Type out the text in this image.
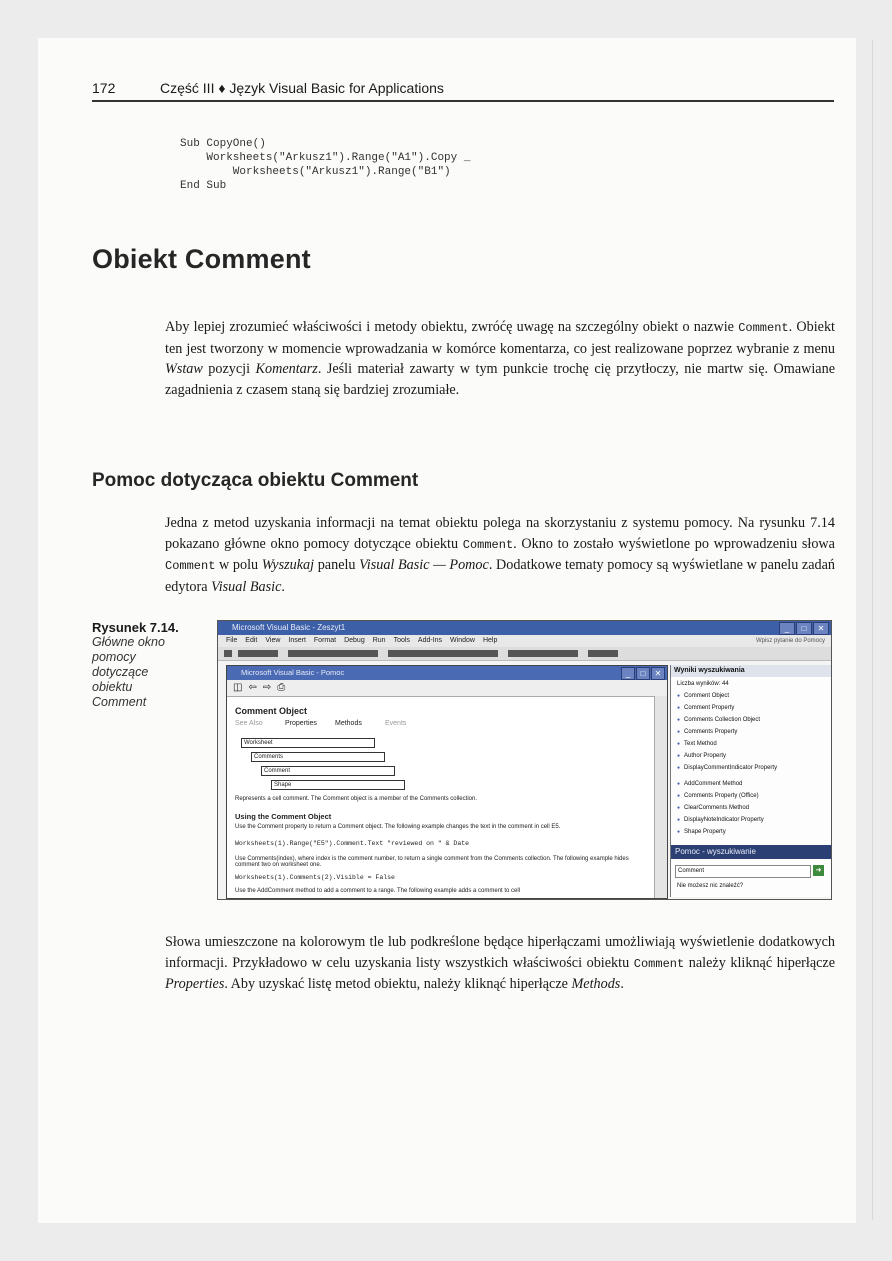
172	Część III ♦ Język Visual Basic for Applications
Sub CopyOne()
Worksheets("Arkusz1").Range("A1").Copy _
Worksheets("Arkusz1").Range("B1")
End Sub
Obiekt Comment
Aby lepiej zrozumieć właściwości i metody obiektu, zwróćę uwagę na szczególny obiekt o nazwie Comment. Obiekt ten jest tworzony w momencie wprowadzania w komórce komentarza, co jest realizowane poprzez wybranie z menu Wstaw pozycji Komentarz. Jeśli materiał zawarty w tym punkcie trochę cię przytłoczy, nie martw się. Omawiane zagadnienia z czasem staną się bardziej zrozumiałe.
Pomoc dotycząca obiektu Comment
Jedna z metod uzyskania informacji na temat obiektu polega na skorzystaniu z systemu pomocy. Na rysunku 7.14 pokazano główne okno pomocy dotyczące obiektu Comment. Okno to zostało wyświetlone po wprowadzeniu słowa Comment w polu Wyszukaj panelu Visual Basic — Pomoc. Dodatkowe tematy pomocy są wyświetlane w panelu zadań edytora Visual Basic.
Rysunek 7.14.
Główne okno pomocy dotyczące obiektu Comment
Microsoft Visual Basic - Zeszyt1	_	□	✕
File Edit View Insert Format Debug Run Tools Add-Ins Window Help	Wpisz pytanie do Pomocy
Microsoft Visual Basic - Pomoc	_	□	✕
◫ ⇦ ⇨ ⎙
Comment Object
See Also	Properties	Methods	Events
Worksheet
Comments
Comment
Shape
Represents a cell comment. The Comment object is a member of the Comments collection.
Using the Comment Object
Use the Comment property to return a Comment object. The following example changes the text in the comment in cell E5.
Worksheets(1).Range("E5").Comment.Text "reviewed on " & Date
Use Comments(index), where index is the comment number, to return a single comment from the Comments collection. The following example hides comment two on worksheet one.
Worksheets(1).Comments(2).Visible = False
Use the AddComment method to add a comment to a range. The following example adds a comment to cell
Wyniki wyszukiwania
Liczba wyników: 44
● Comment Object
● Comment Property
● Comments Collection Object
● Comments Property
● Text Method
● Author Property
● DisplayCommentIndicator Property
● AddComment Method
● Comments Property (Office)
● ClearComments Method
● DisplayNoteIndicator Property
● Shape Property
Pomoc - wyszukiwanie
Comment	➜
Nie możesz nic znaleźć?
Słowa umieszczone na kolorowym tle lub podkreślone będące hiperłączami umożliwiają wyświetlenie dodatkowych informacji. Przykładowo w celu uzyskania listy wszystkich właściwości obiektu Comment należy kliknąć hiperłącze Properties. Aby uzyskać listę metod obiektu, należy kliknąć hiperłącze Methods.
